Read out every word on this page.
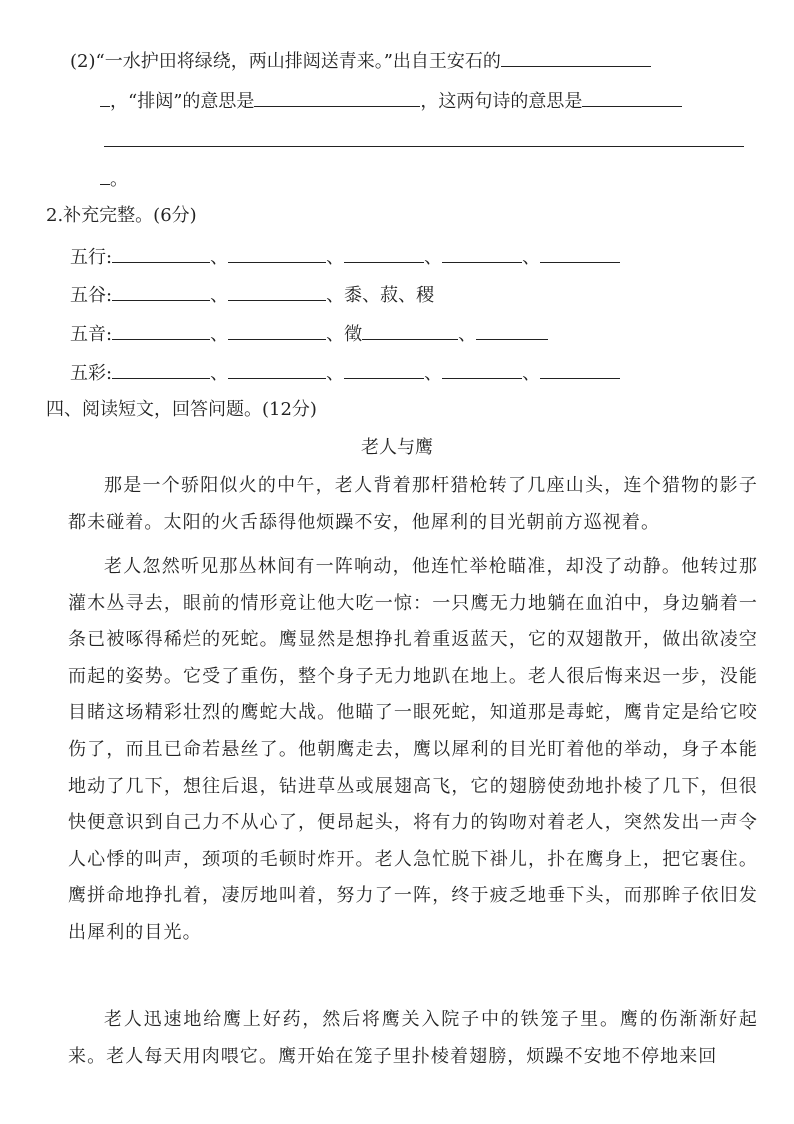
(2)“一水护田将绿绕，两山排闼送青来。”出自王安石的
，“排闼”的意思是	，这两句诗的意思是
。
2.补充完整。(6分)
五行:	、	、	、	、
五谷:	、	、黍、菽、稷
五音:	、	、徵	、
五彩:	、	、	、	、
四、阅读短文，回答问题。(12分)
老人与鹰
那是一个骄阳似火的中午，老人背着那杆猎枪转了几座山头，连个猎物的影子都未碰着。太阳的火舌舔得他烦躁不安，他犀利的目光朝前方巡视着。
老人忽然听见那丛林间有一阵响动，他连忙举枪瞄准，却没了动静。他转过那灌木丛寻去，眼前的情形竟让他大吃一惊：一只鹰无力地躺在血泊中，身边躺着一条已被啄得稀烂的死蛇。鹰显然是想挣扎着重返蓝天，它的双翅散开，做出欲凌空而起的姿势。它受了重伤，整个身子无力地趴在地上。老人很后悔来迟一步，没能目睹这场精彩壮烈的鹰蛇大战。他瞄了一眼死蛇，知道那是毒蛇，鹰肯定是给它咬伤了，而且已命若悬丝了。他朝鹰走去，鹰以犀利的目光盯着他的举动，身子本能地动了几下，想往后退，钻进草丛或展翅高飞，它的翅膀使劲地扑棱了几下，但很快便意识到自己力不从心了，便昂起头，将有力的钩吻对着老人，突然发出一声令人心悸的叫声，颈项的毛顿时炸开。老人急忙脱下褂儿，扑在鹰身上，把它裹住。鹰拼命地挣扎着，凄厉地叫着，努力了一阵，终于疲乏地垂下头，而那眸子依旧发出犀利的目光。
老人迅速地给鹰上好药，然后将鹰关入院子中的铁笼子里。鹰的伤渐渐好起来。老人每天用肉喂它。鹰开始在笼子里扑棱着翅膀，烦躁不安地不停地来回
